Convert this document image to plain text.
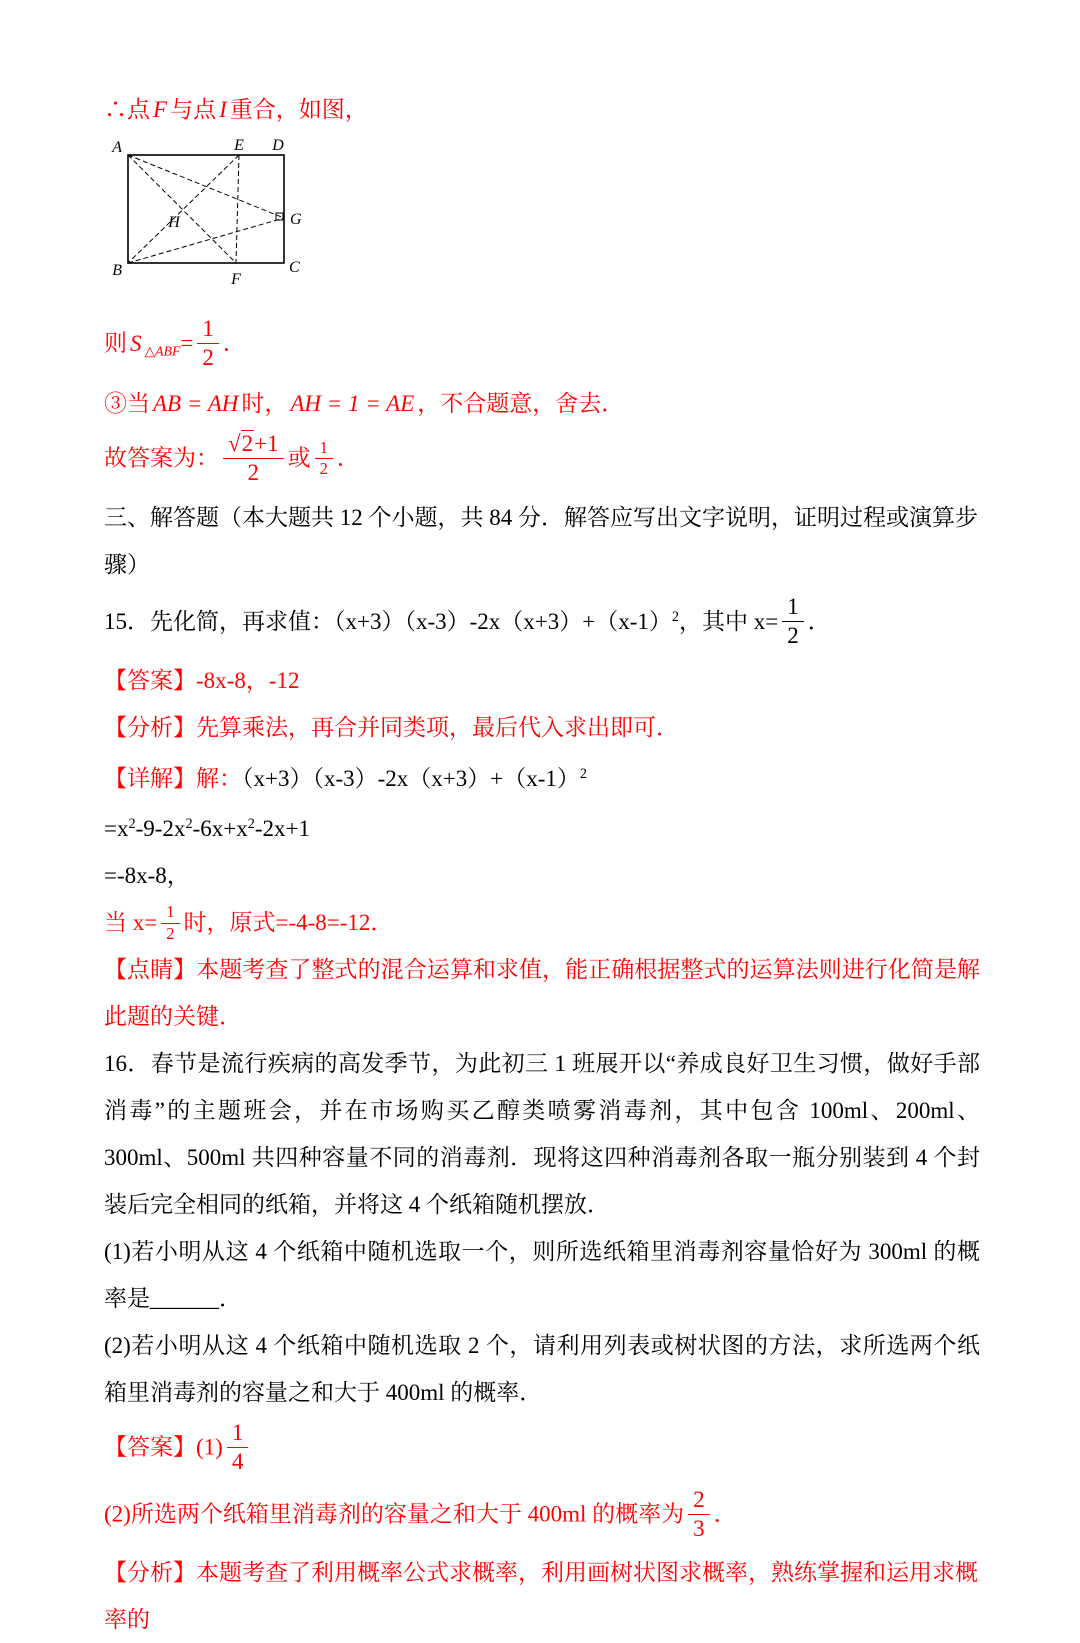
∴点 F 与点 I 重合，如图，
A	E D
B
F
C
G
H
则 S $_{\triangle ABF}= \frac{1}{2}$ ．
③当 AB = AH 时， AH = 1 = AE ，不合题意，舍去．
故答案为： $\frac{√2+1}{2}$ 或 $\frac{1}{2}$ ．
三、解答题（本大题共 12 个小题，共 84 分．解答应写出文字说明，证明过程或演算步骤）
15．先化简，再求值：$(x+3)(x-3)-2x(x+3)+(x-1)^2$，其中 $x= \frac{1}{2}$ ．
【答案】-8x-8，-12
【分析】先算乘法，再合并同类项，最后代入求出即可．
【详解】解：$(x+3)(x-3)-2x(x+3)+(x-1)^2$
$=x^2-9-2x^2-6x+x^2-2x+1$
=-8x-8，
当 $x= \frac{1}{2}$ 时，原式=-4-8=-12．

【点睛】本题考查了整式的混合运算和求值，能正确根据整式的运算法则进行化简是解此题的关键．

16．春节是流行疾病的高发季节，为此初三 1 班展开以“养成良好卫生习惯，做好手部消毒”的主题班会，并在市场购买乙醇类喷雾消毒剂，其中包含 100ml、200ml、300ml、500ml 共四种容量不同的消毒剂．现将这四种消毒剂各取一瓶分别装到 4 个封装后完全相同的纸箱，并将这 4 个纸箱随机摆放．

(1)若小明从这 4 个纸箱中随机选取一个，则所选纸箱里消毒剂容量恰好为 300ml 的概率是______．

(2)若小明从这 4 个纸箱中随机选取 2 个，请利用列表或树状图的方法，求所选两个纸箱里消毒剂的容量之和大于 400ml 的概率．

【答案】$(1) \frac{1}{4}$
(2)所选两个纸箱里消毒剂的容量之和大于 400ml 的概率为 $\frac{2}{3}$ ．
【分析】本题考查了利用概率公式求概率，利用画树状图求概率，熟练掌握和运用求概率的
